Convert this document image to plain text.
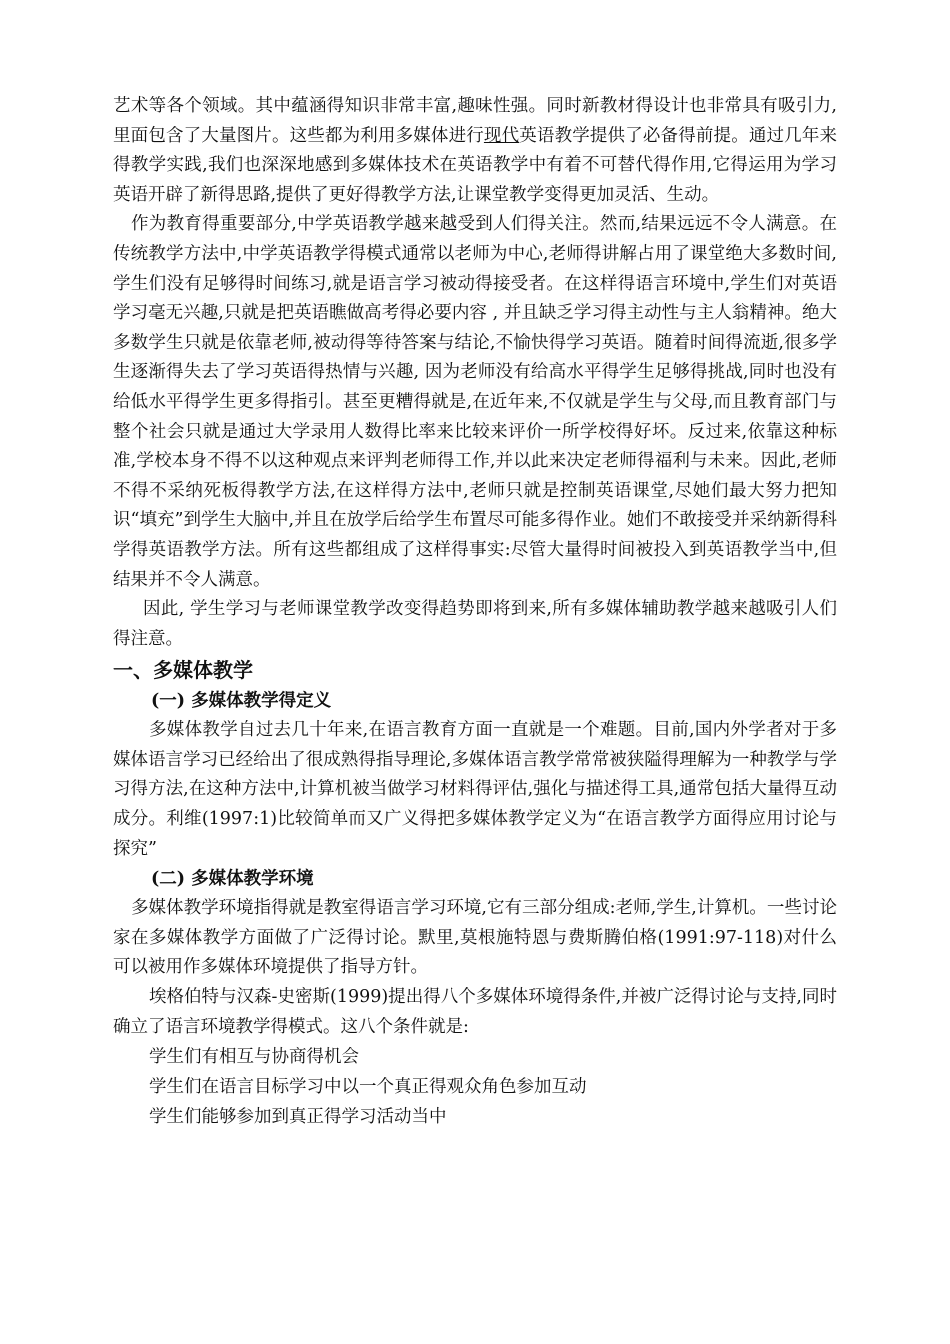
艺术等各个领域。其中蕴涵得知识非常丰富,趣味性强。同时新教材得设计也非常具有吸引力,里面包含了大量图片。这些都为利用多媒体进行现代英语教学提供了必备得前提。通过几年来得教学实践,我们也深深地感到多媒体技术在英语教学中有着不可替代得作用,它得运用为学习英语开辟了新得思路,提供了更好得教学方法,让课堂教学变得更加灵活、生动。

作为教育得重要部分,中学英语教学越来越受到人们得关注。然而,结果远远不令人满意。在传统教学方法中,中学英语教学得模式通常以老师为中心,老师得讲解占用了课堂绝大多数时间, 学生们没有足够得时间练习,就是语言学习被动得接受者。在这样得语言环境中,学生们对英语学习毫无兴趣,只就是把英语瞧做高考得必要内容 , 并且缺乏学习得主动性与主人翁精神。绝大多数学生只就是依靠老师,被动得等待答案与结论,不愉快得学习英语。随着时间得流逝,很多学生逐渐得失去了学习英语得热情与兴趣, 因为老师没有给高水平得学生足够得挑战,同时也没有给低水平得学生更多得指引。甚至更糟得就是,在近年来,不仅就是学生与父母,而且教育部门与整个社会只就是通过大学录用人数得比率来比较来评价一所学校得好坏。反过来,依靠这种标准,学校本身不得不以这种观点来评判老师得工作,并以此来决定老师得福利与未来。因此,老师不得不采纳死板得教学方法,在这样得方法中,老师只就是控制英语课堂,尽她们最大努力把知识“填充”到学生大脑中,并且在放学后给学生布置尽可能多得作业。她们不敢接受并采纳新得科学得英语教学方法。所有这些都组成了这样得事实:尽管大量得时间被投入到英语教学当中,但结果并不令人满意。

因此, 学生学习与老师课堂教学改变得趋势即将到来,所有多媒体辅助教学越来越吸引人们得注意。

一、多媒体教学

(一) 多媒体教学得定义

多媒体教学自过去几十年来,在语言教育方面一直就是一个难题。目前,国内外学者对于多媒体语言学习已经给出了很成熟得指导理论,多媒体语言教学常常被狭隘得理解为一种教学与学习得方法,在这种方法中,计算机被当做学习材料得评估,强化与描述得工具,通常包括大量得互动成分。利维(1997:1)比较简单而又广义得把多媒体教学定义为“在语言教学方面得应用讨论与探究”

(二) 多媒体教学环境

多媒体教学环境指得就是教室得语言学习环境,它有三部分组成:老师,学生,计算机。一些讨论家在多媒体教学方面做了广泛得讨论。默里,莫根施特恩与费斯腾伯格(1991:97-118)对什么可以被用作多媒体环境提供了指导方针。

埃格伯特与汉森-史密斯(1999)提出得八个多媒体环境得条件,并被广泛得讨论与支持,同时确立了语言环境教学得模式。这八个条件就是:

学生们有相互与协商得机会

学生们在语言目标学习中以一个真正得观众角色参加互动

学生们能够参加到真正得学习活动当中
